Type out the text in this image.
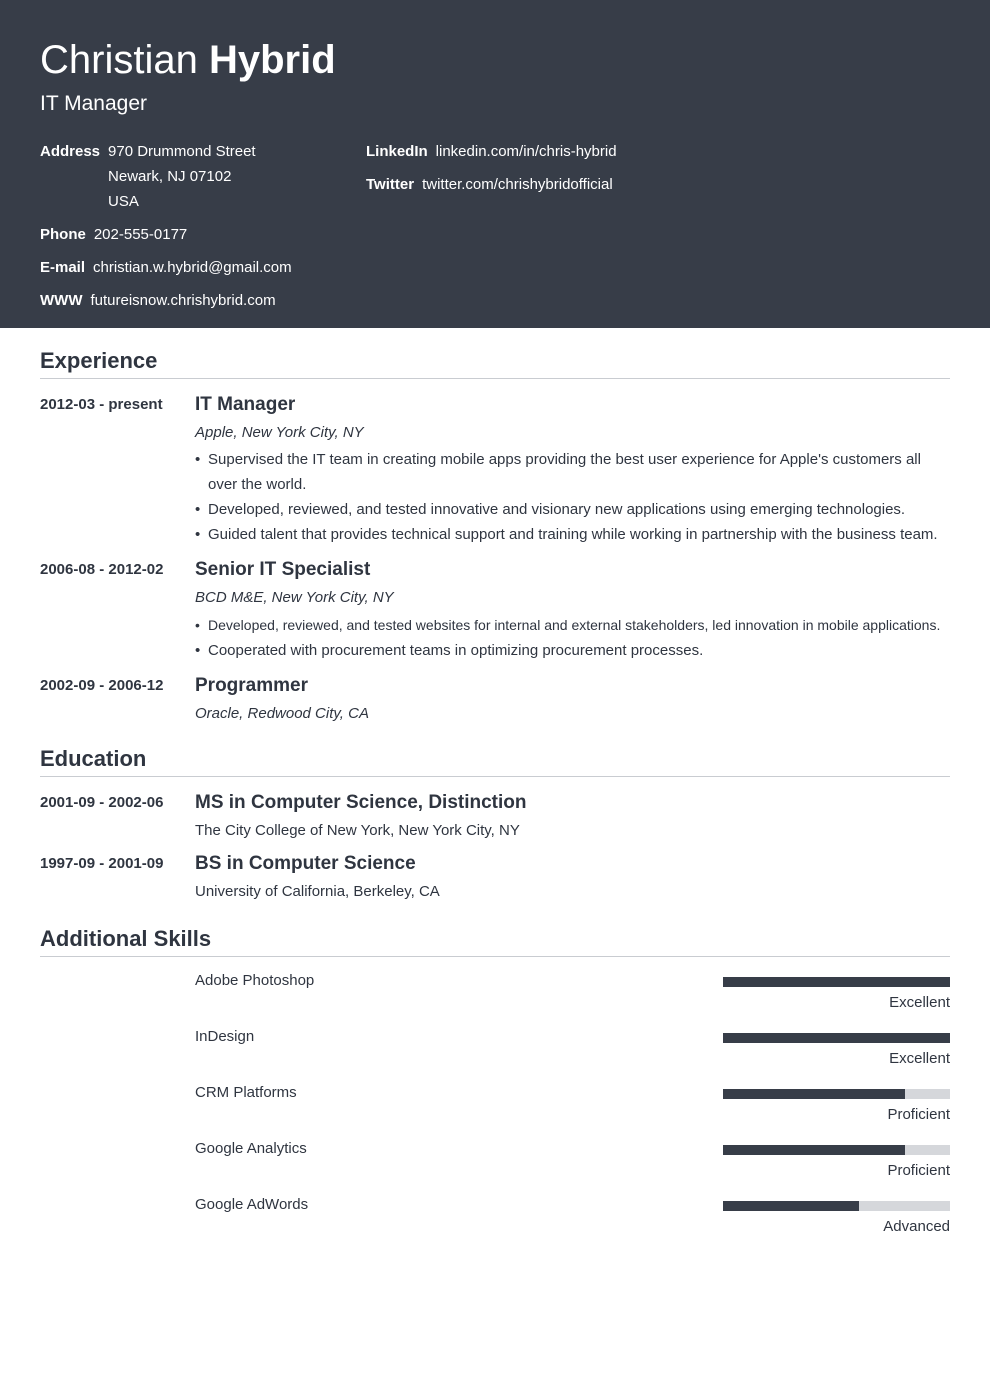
Christian Hybrid
IT Manager
Address 970 Drummond Street
Newark, NJ 07102
USA
Phone 202-555-0177
E-mail christian.w.hybrid@gmail.com
WWW futureisnow.chrishybrid.com
LinkedIn linkedin.com/in/chris-hybrid
Twitter twitter.com/chrishybridofficial
Experience
2012-03 - present	IT Manager
Apple, New York City, NY
• Supervised the IT team in creating mobile apps providing the best user experience for Apple's customers all over the world.
• Developed, reviewed, and tested innovative and visionary new applications using emerging technologies.
• Guided talent that provides technical support and training while working in partnership with the business team.
2006-08 - 2012-02	Senior IT Specialist
BCD M&E, New York City, NY
• Developed, reviewed, and tested websites for internal and external stakeholders, led innovation in mobile applications.
• Cooperated with procurement teams in optimizing procurement processes.
2002-09 - 2006-12	Programmer
Oracle, Redwood City, CA
Education
2001-09 - 2002-06	MS in Computer Science, Distinction
The City College of New York, New York City, NY
1997-09 - 2001-09	BS in Computer Science
University of California, Berkeley, CA
Additional Skills
Adobe Photoshop
Excellent
InDesign
Excellent
CRM Platforms
Proficient
Google Analytics
Proficient
Google AdWords
Advanced
